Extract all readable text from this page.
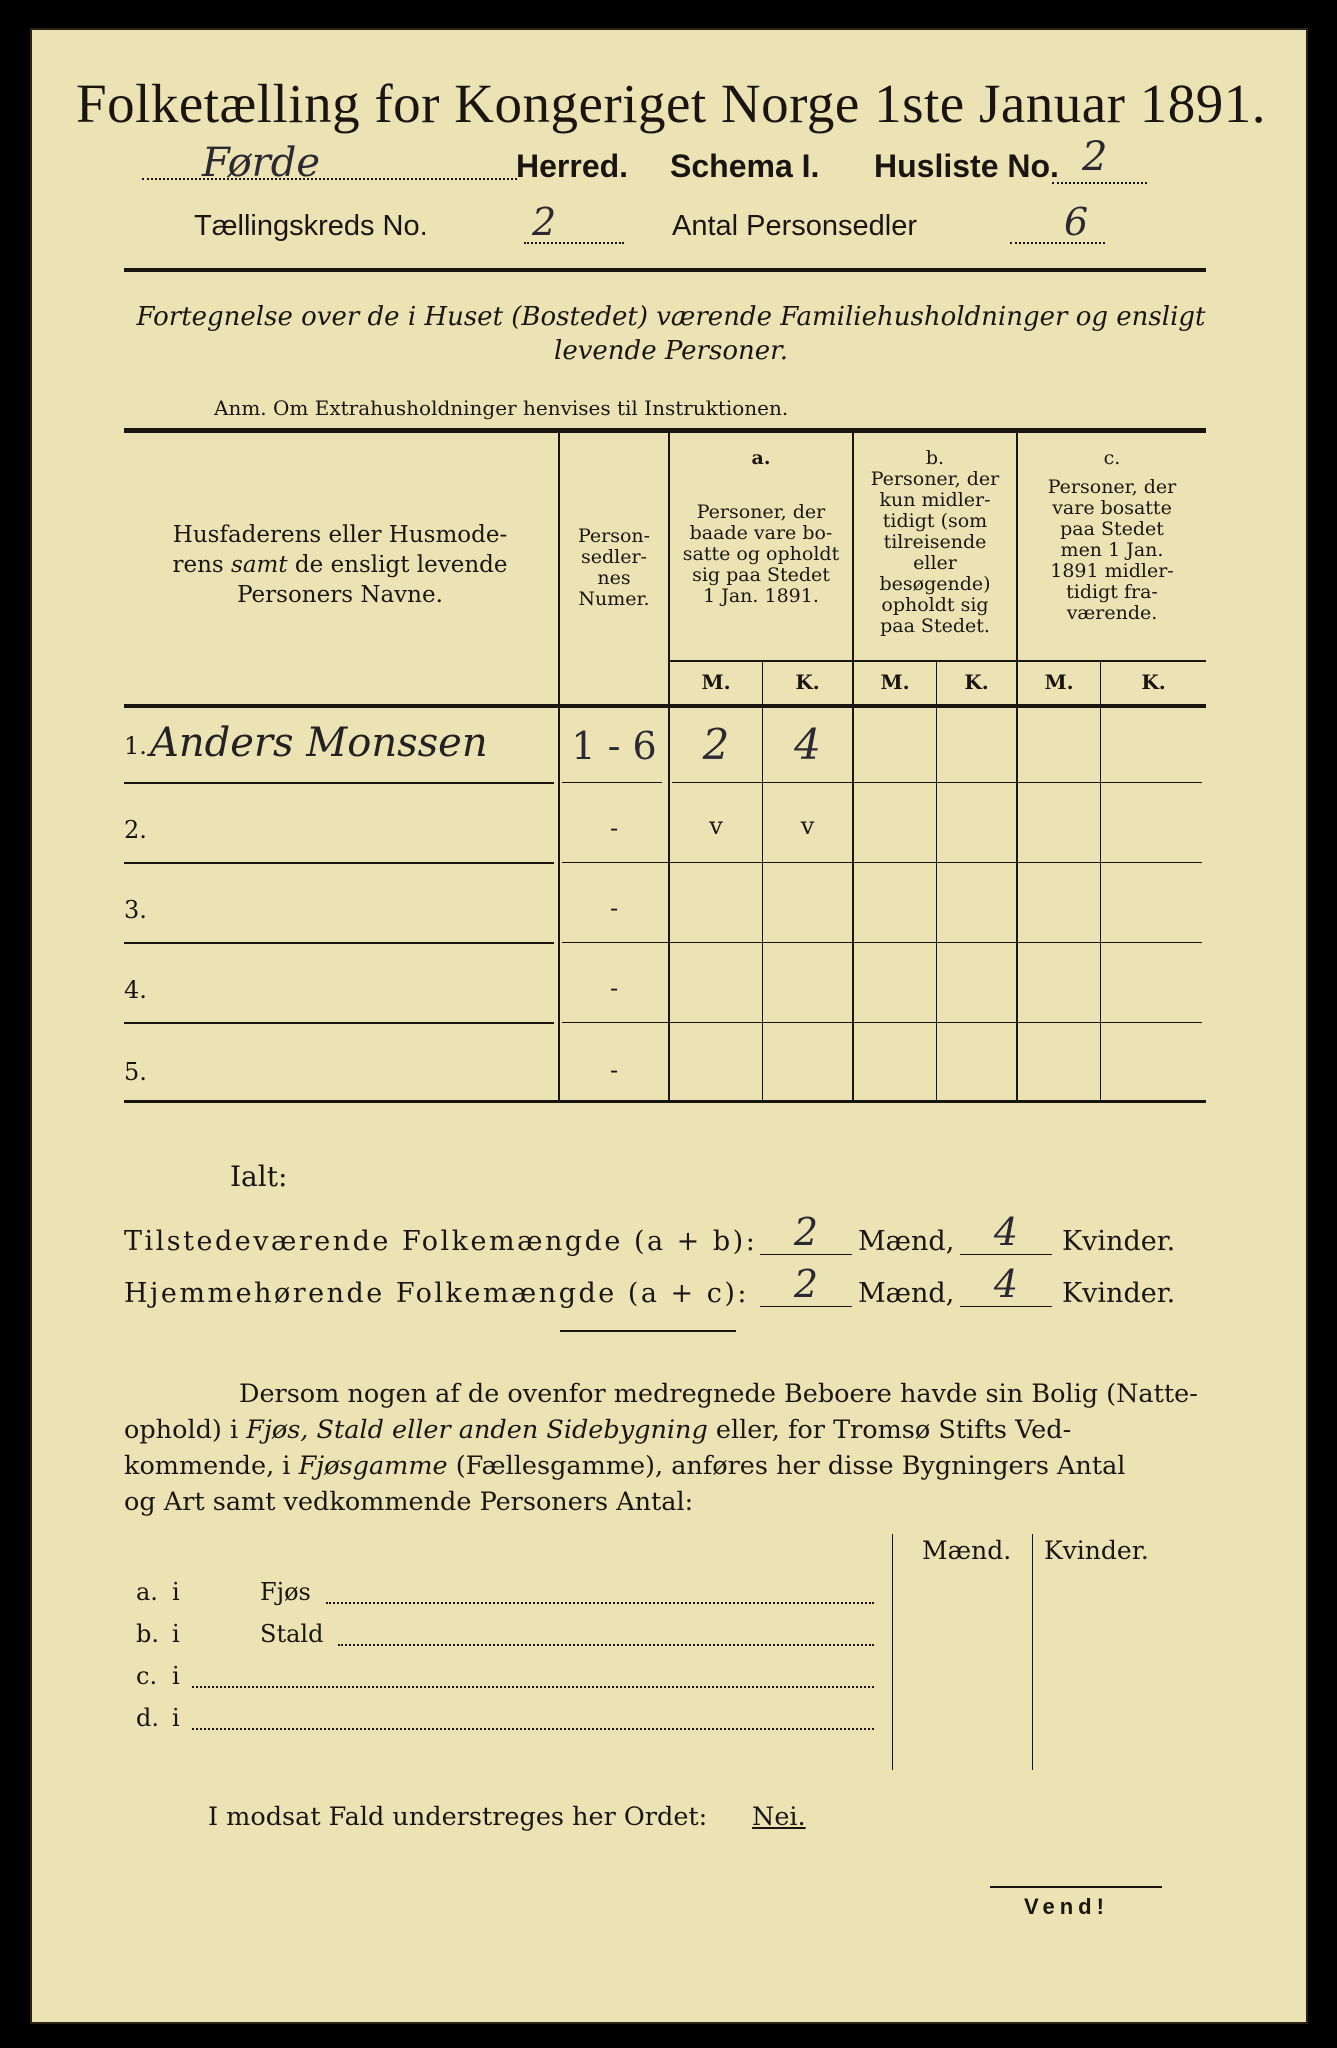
Folketælling for Kongeriget Norge 1ste Januar 1891.
Førde	Herred. Schema I. Husliste No. 2
Tællingskreds No.	2	Antal Personsedler	6
Fortegnelse over de i Huset (Bostedet) værende Familiehusholdninger og ensligt
levende Personer.
Anm. Om Extrahusholdninger henvises til Instruktionen.
Husfaderens eller Husmode-
rens samt de ensligt levende
Personers Navne.
Person-
sedler-
nes
Numer.
a.
Personer, der
baade vare bo-
satte og opholdt
sig paa Stedet
1 Jan. 1891.
b.
Personer, der
kun midler-
tidigt (som
tilreisende
eller
besøgende)
opholdt sig
paa Stedet.
c.
Personer, der
vare bosatte
paa Stedet
men 1 Jan.
1891 midler-
tidigt fra-
værende.
M.	K.	M.	K.	M.	K.
1. Anders Monssen 1 - 6	2	4
2.	-	v	v
3.	-
4.	-
5.	-
Ialt:
Tilstedeværende Folkemængde (a + b): 2	Mænd,	4	Kvinder.
Hjemmehørende Folkemængde (a + c):	2	Mænd,	4	Kvinder.
Dersom nogen af de ovenfor medregnede Beboere havde sin Bolig (Natte-
ophold) i Fjøs, Stald eller anden Sidebygning eller, for Tromsø Stifts Ved-
kommende, i Fjøsgamme (Fællesgamme), anføres her disse Bygningers Antal
og Art samt vedkommende Personers Antal:
Mænd. Kvinder.
a. i	Fjøs
b. i	Stald
c. i
d. i
I modsat Fald understreges her Ordet: Nei.
Vend!
